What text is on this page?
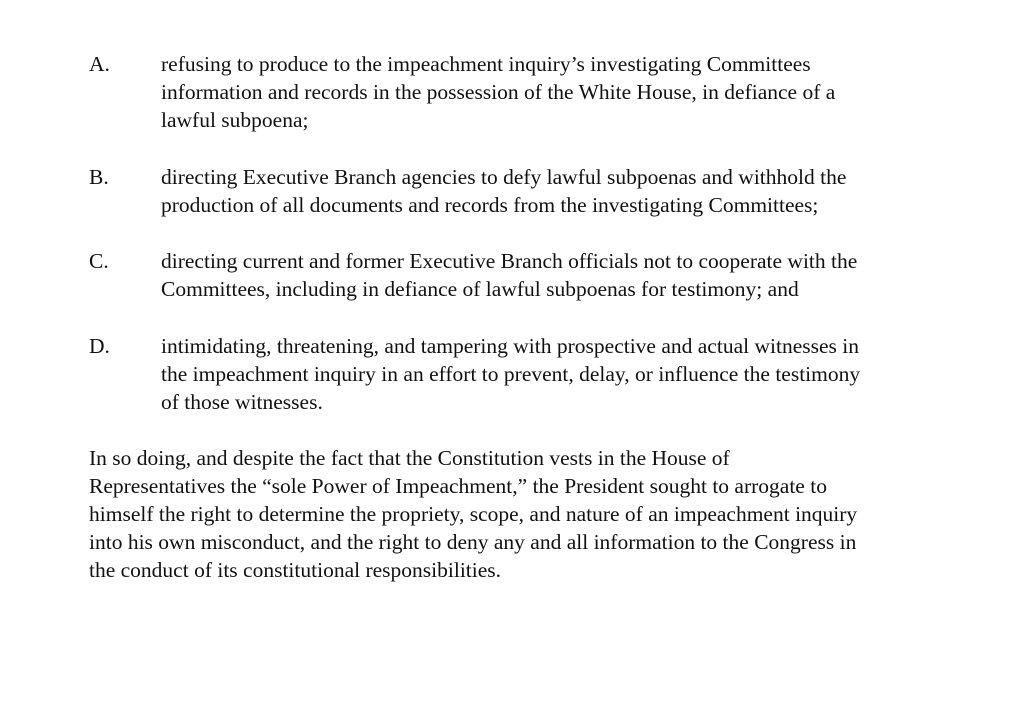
A. refusing to produce to the impeachment inquiry’s investigating Committees
information and records in the possession of the White House, in defiance of a
lawful subpoena;
B. directing Executive Branch agencies to defy lawful subpoenas and withhold the
production of all documents and records from the investigating Committees;
C. directing current and former Executive Branch officials not to cooperate with the
Committees, including in defiance of lawful subpoenas for testimony; and
D. intimidating, threatening, and tampering with prospective and actual witnesses in
the impeachment inquiry in an effort to prevent, delay, or influence the testimony
of those witnesses.
In so doing, and despite the fact that the Constitution vests in the House of
Representatives the “sole Power of Impeachment,” the President sought to arrogate to
himself the right to determine the propriety, scope, and nature of an impeachment inquiry
into his own misconduct, and the right to deny any and all information to the Congress in
the conduct of its constitutional responsibilities.
